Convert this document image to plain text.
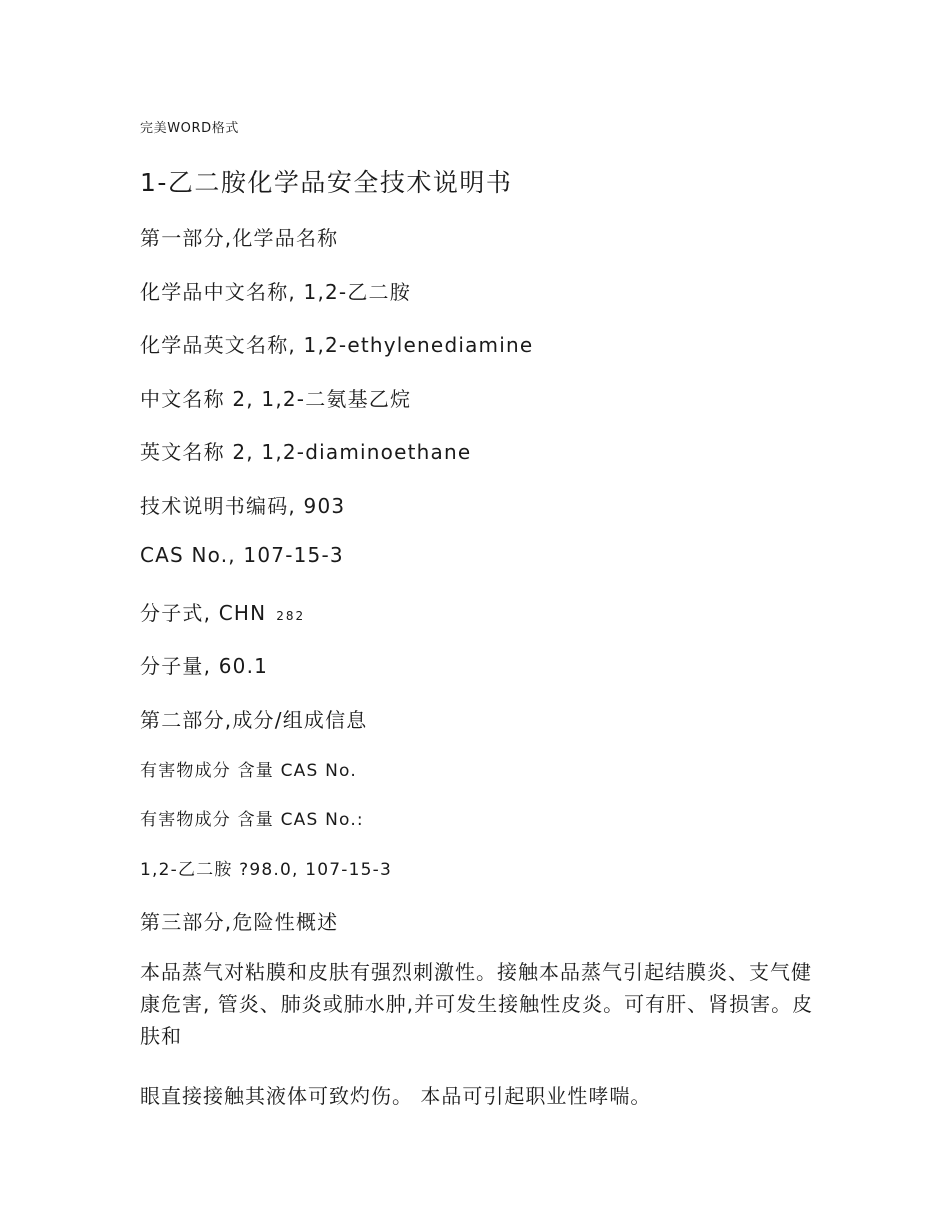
完美WORD格式
1-乙二胺化学品安全技术说明书
第一部分,化学品名称
化学品中文名称, 1,2-乙二胺
化学品英文名称, 1,2-ethylenediamine
中文名称 2, 1,2-二氨基乙烷
英文名称 2, 1,2-diaminoethane
技术说明书编码, 903
CAS No., 107-15-3
分子式, CHN 282
分子量, 60.1
第二部分,成分/组成信息
有害物成分 含量 CAS No.
有害物成分 含量 CAS No.:
1,2-乙二胺 ?98.0, 107-15-3
第三部分,危险性概述
本品蒸气对粘膜和皮肤有强烈刺激性。接触本品蒸气引起结膜炎、支气健康危害, 管炎、肺炎或肺水肿,并可发生接触性皮炎。可有肝、肾损害。皮肤和
眼直接接触其液体可致灼伤。 本品可引起职业性哮喘。
